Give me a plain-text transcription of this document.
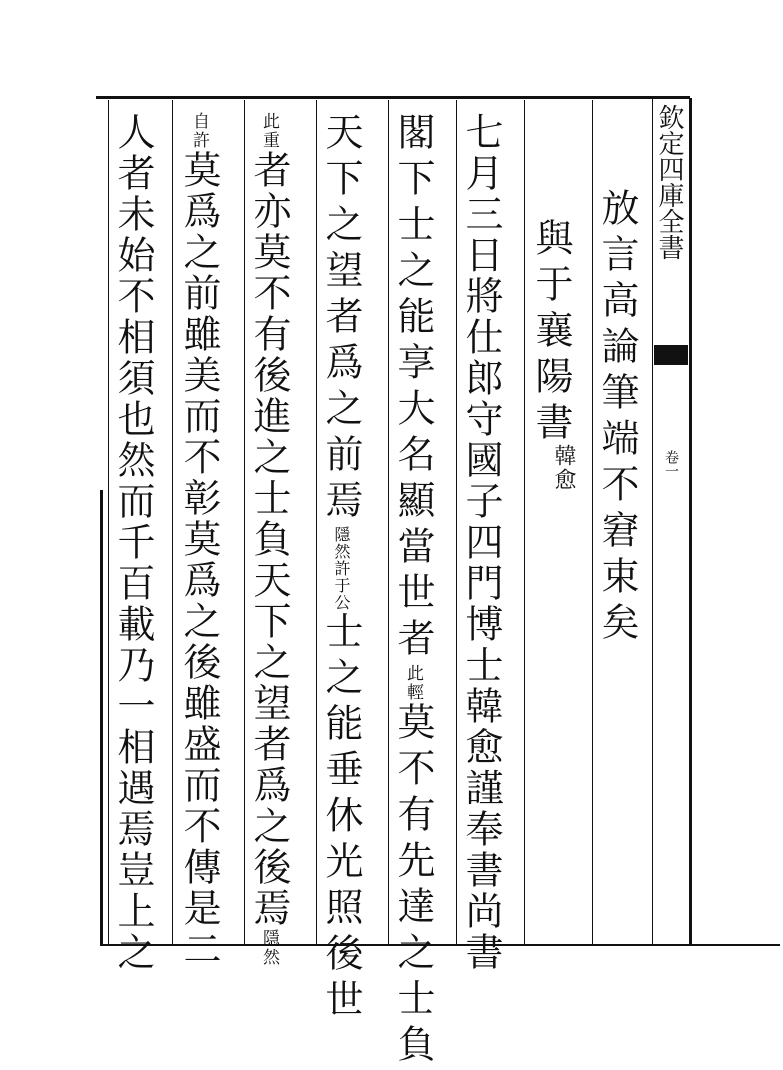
欽定四庫全書
卷一
放言高論筆端不窘束矣
與于襄陽書
韓愈
七月三日將仕郎守國子四門博士韓愈謹奉書尚書
閣下士之能享大名顯當世者此輕莫不有先達之士負
天下之望者爲之前焉隱然許于公士之能垂休光照後世
此重者亦莫不有後進之士負天下之望者爲之後焉隱然
自許莫爲之前雖美而不彰莫爲之後雖盛而不傳是二
人者未始不相須也然而千百載乃一相遇焉豈上之
